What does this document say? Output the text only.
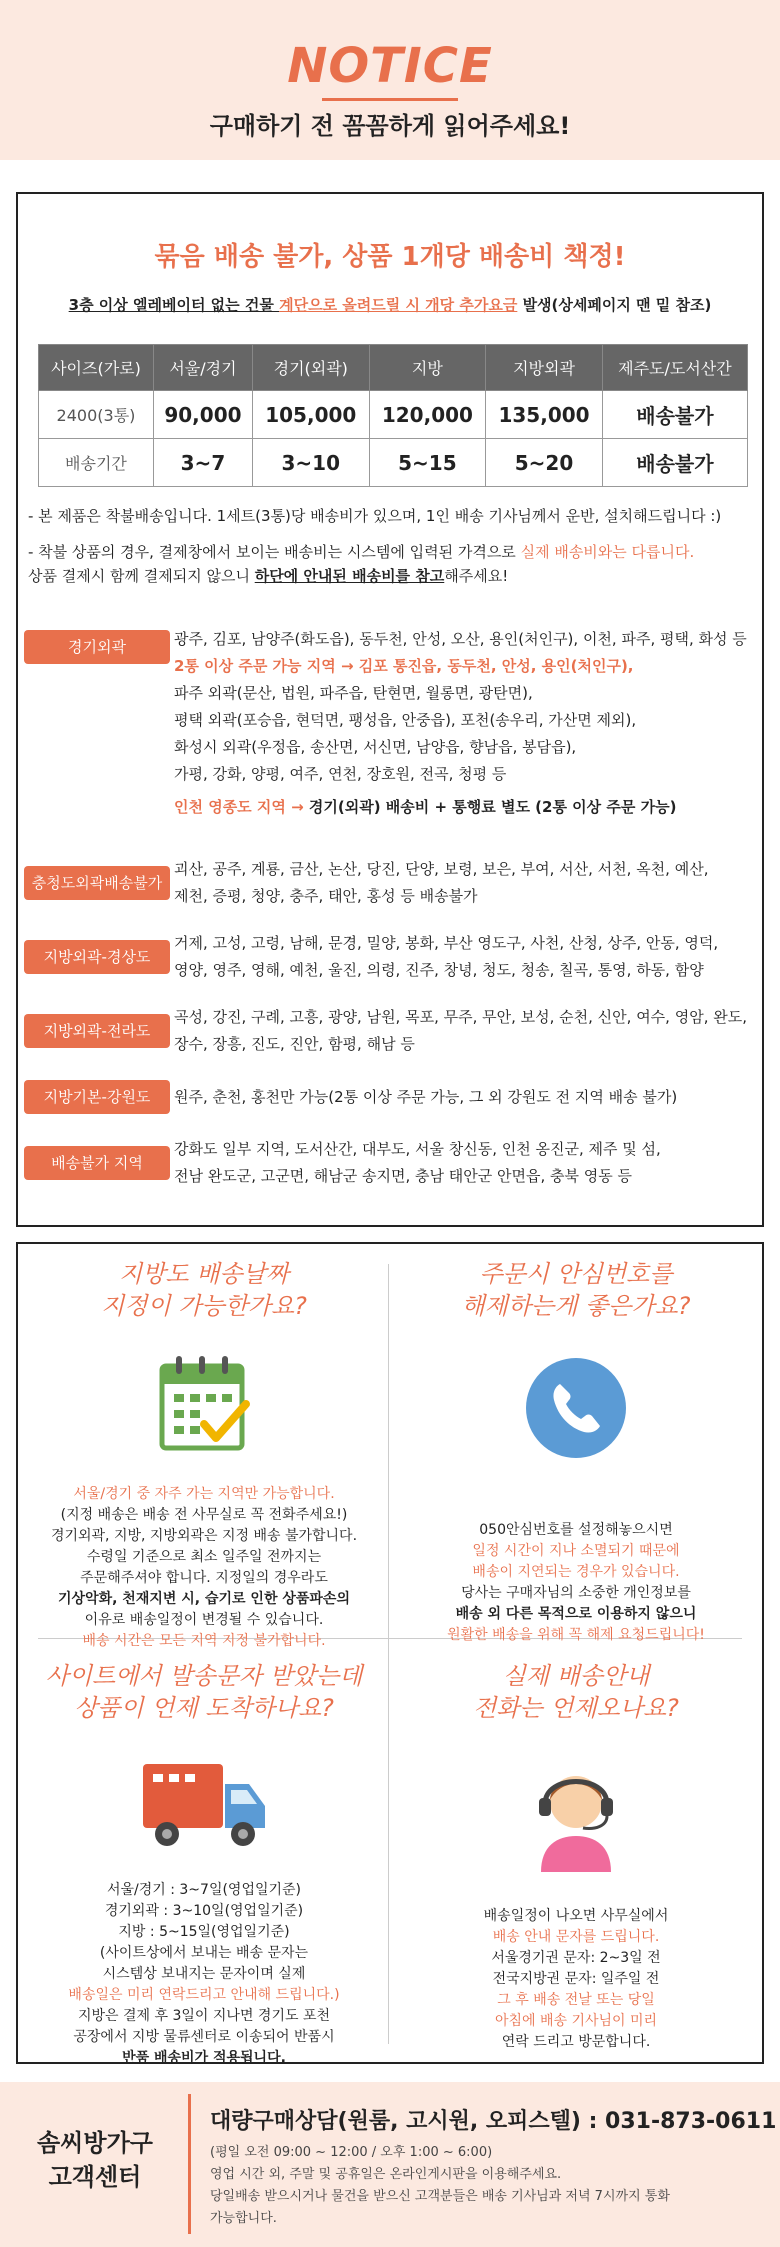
NOTICE
구매하기 전 꼼꼼하게 읽어주세요!
묶음 배송 불가, 상품 1개당 배송비 책정!
3층 이상 엘레베이터 없는 건물 계단으로 올려드릴 시 개당 추가요금 발생(상세페이지 맨 밑 참조)
사이즈(가로)	서울/경기	경기(외곽)	지방	지방외곽	제주도/도서산간
2400(3통)	90,000	105,000	120,000	135,000	배송불가
배송기간	3~7	3~10	5~15	5~20	배송불가
- 본 제품은 착불배송입니다. 1세트(3통)당 배송비가 있으며, 1인 배송 기사님께서 운반, 설치해드립니다 :)
- 착불 상품의 경우, 결제창에서 보이는 배송비는 시스템에 입력된 가격으로 실제 배송비와는 다릅니다.
상품 결제시 함께 결제되지 않으니 하단에 안내된 배송비를 참고해주세요!
경기외곽	광주, 김포, 남양주(화도읍), 동두천, 안성, 오산, 용인(처인구), 이천, 파주, 평택, 화성 등
2통 이상 주문 가능 지역 → 김포 통진읍, 동두천, 안성, 용인(처인구),
파주 외곽(문산, 법원, 파주읍, 탄현면, 월롱면, 광탄면),
평택 외곽(포승읍, 현덕면, 팽성읍, 안중읍), 포천(송우리, 가산면 제외),
화성시 외곽(우정읍, 송산면, 서신면, 남양읍, 향남읍, 봉담읍),
가평, 강화, 양평, 여주, 연천, 장호원, 전곡, 청평 등
인천 영종도 지역 → 경기(외곽) 배송비 + 통행료 별도 (2통 이상 주문 가능)
충청도외곽배송불가
괴산, 공주, 계룡, 금산, 논산, 당진, 단양, 보령, 보은, 부여, 서산, 서천, 옥천, 예산,
제천, 증평, 청양, 충주, 태안, 홍성 등 배송불가
지방외곽-경상도
거제, 고성, 고령, 남해, 문경, 밀양, 봉화, 부산 영도구, 사천, 산청, 상주, 안동, 영덕,
영양, 영주, 영해, 예천, 울진, 의령, 진주, 창녕, 청도, 청송, 칠곡, 통영, 하동, 함양
지방외곽-전라도
곡성, 강진, 구례, 고흥, 광양, 남원, 목포, 무주, 무안, 보성, 순천, 신안, 여수, 영암, 완도,
장수, 장흥, 진도, 진안, 함평, 해남 등
지방기본-강원도	원주, 춘천, 홍천만 가능(2통 이상 주문 가능, 그 외 강원도 전 지역 배송 불가)
배송불가 지역
강화도 일부 지역, 도서산간, 대부도, 서울 창신동, 인천 옹진군, 제주 및 섬,
전남 완도군, 고군면, 해남군 송지면, 충남 태안군 안면읍, 충북 영동 등
지방도 배송날짜
지정이 가능한가요?
서울/경기 중 자주 가는 지역만 가능합니다.
(지정 배송은 배송 전 사무실로 꼭 전화주세요!)
경기외곽, 지방, 지방외곽은 지정 배송 불가합니다.
수령일 기준으로 최소 일주일 전까지는
주문해주셔야 합니다. 지정일의 경우라도
기상악화, 천재지변 시, 습기로 인한 상품파손의
이유로 배송일정이 변경될 수 있습니다.
배송 시간은 모든 지역 지정 불가합니다.
주문시 안심번호를
해제하는게 좋은가요?
050안심번호를 설정해놓으시면
일정 시간이 지나 소멸되기 때문에
배송이 지연되는 경우가 있습니다.
당사는 구매자님의 소중한 개인정보를
배송 외 다른 목적으로 이용하지 않으니
원활한 배송을 위해 꼭 해제 요청드립니다!
사이트에서 발송문자 받았는데
상품이 언제 도착하나요?
서울/경기 : 3~7일(영업일기준)
경기외곽 : 3~10일(영업일기준)
지방 : 5~15일(영업일기준)
(사이트상에서 보내는 배송 문자는
시스템상 보내지는 문자이며 실제
배송일은 미리 연락드리고 안내해 드립니다.)
지방은 결제 후 3일이 지나면 경기도 포천
공장에서 지방 물류센터로 이송되어 반품시
반품 배송비가 적용됩니다.
실제 배송안내
전화는 언제오나요?
배송일정이 나오면 사무실에서
배송 안내 문자를 드립니다.
서울경기권 문자: 2~3일 전
전국지방권 문자: 일주일 전
그 후 배송 전날 또는 당일
아침에 배송 기사님이 미리
연락 드리고 방문합니다.
솜씨방가구
고객센터
대량구매상담(원룸, 고시원, 오피스텔) : 031-873-0611
(평일 오전 09:00 ~ 12:00 / 오후 1:00 ~ 6:00)
영업 시간 외, 주말 및 공휴일은 온라인게시판을 이용해주세요.
당일배송 받으시거나 물건을 받으신 고객분들은 배송 기사님과 저녁 7시까지 통화
가능합니다.
